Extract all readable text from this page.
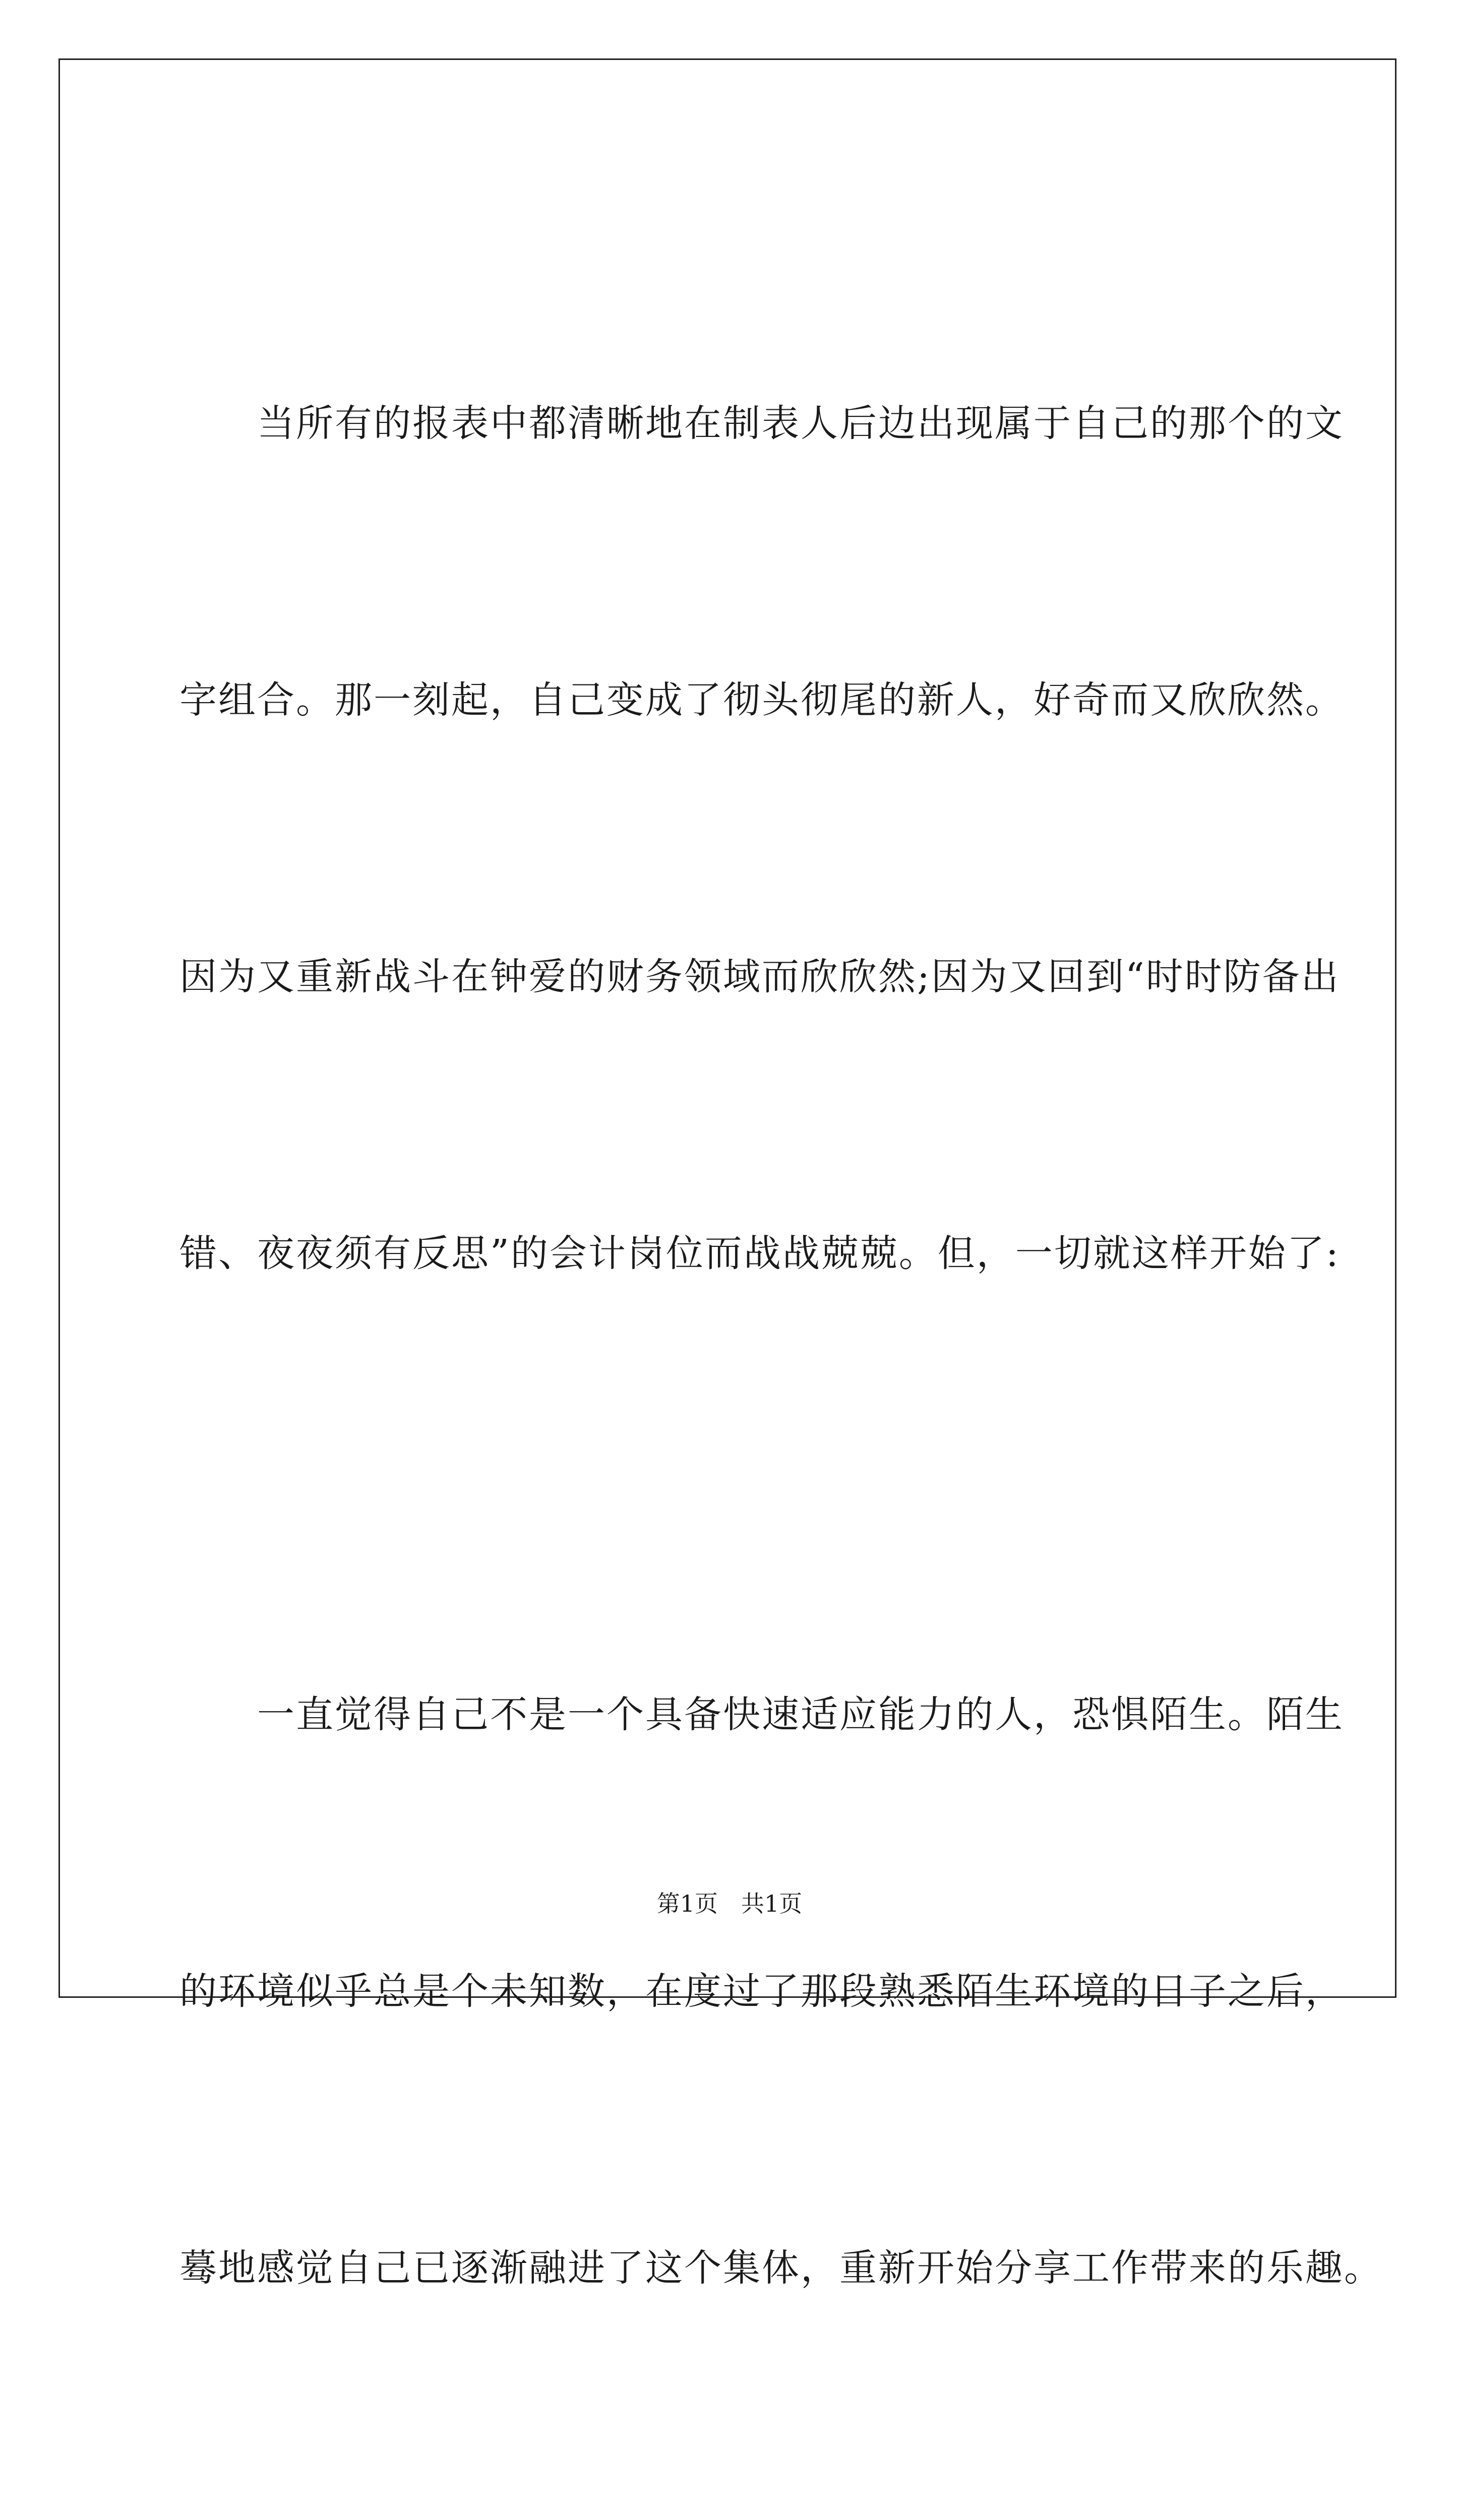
　　当所有的报表中都清晰地在制表人后边出现属于自己的那个的文

字组合。那一刻起，自己变成了彻头彻尾的新人，好奇而又欣欣然。

因为又重新战斗在钟爱的财务领域而欣欣然;因为又回到“时时防备出

错、夜夜须有反思”的会计岗位而战战兢兢。但，一切就这样开始了:

　　一直觉得自己不是一个具备快速适应能力的人，恐惧陌生。陌生

的环境似乎总是个未知数，在度过了那段熟悉陌生环境的日子之后，

蓦地感觉自己已逐渐融进了这个集体，重新开始分享工作带来的乐趣。

第1页　共1页
